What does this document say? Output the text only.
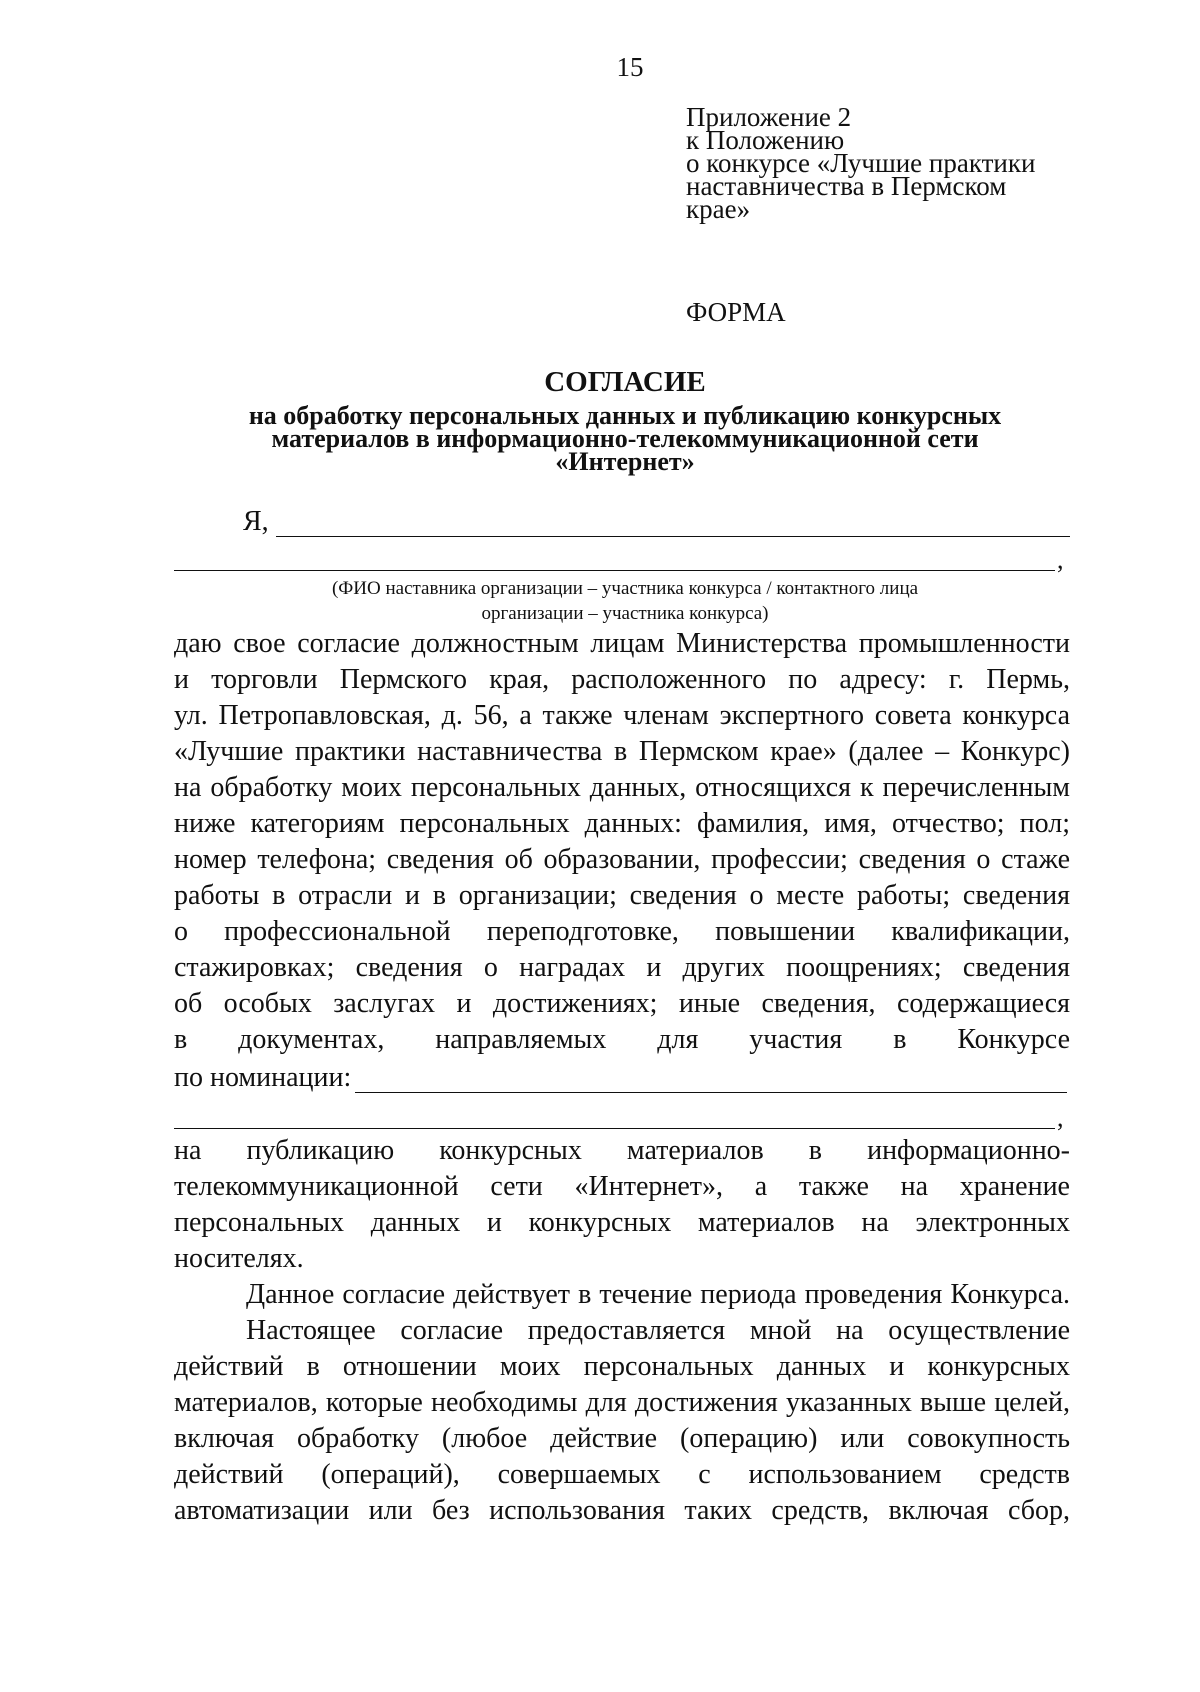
15
Приложение 2
к Положению
о конкурсе «Лучшие практики
наставничества в Пермском
крае»
ФОРМА
СОГЛАСИЕ
на обработку персональных данных и публикацию конкурсных
материалов в информационно-телекоммуникационной сети
«Интернет»
Я,
,
(ФИО наставника организации – участника конкурса / контактного лица
организации – участника конкурса)
даю свое согласие должностным лицам Министерства промышленности
и торговли Пермского края, расположенного по адресу: г. Пермь,
ул. Петропавловская, д. 56, а также членам экспертного совета конкурса
«Лучшие практики наставничества в Пермском крае» (далее – Конкурс)
на обработку моих персональных данных, относящихся к перечисленным
ниже категориям персональных данных: фамилия, имя, отчество; пол;
номер телефона; сведения об образовании, профессии; сведения о стаже
работы в отрасли и в организации; сведения о месте работы; сведения
о профессиональной переподготовке, повышении квалификации,
стажировках; сведения о наградах и других поощрениях; сведения
об особых заслугах и достижениях; иные сведения, содержащиеся
в документах, направляемых для участия в Конкурсе
по номинации:
,
на публикацию конкурсных материалов в информационно-
телекоммуникационной сети «Интернет», а также на хранение
персональных данных и конкурсных материалов на электронных
носителях.
Данное согласие действует в течение периода проведения Конкурса.
Настоящее согласие предоставляется мной на осуществление
действий в отношении моих персональных данных и конкурсных
материалов, которые необходимы для достижения указанных выше целей,
включая обработку (любое действие (операцию) или совокупность
действий (операций), совершаемых с использованием средств
автоматизации или без использования таких средств, включая сбор,
